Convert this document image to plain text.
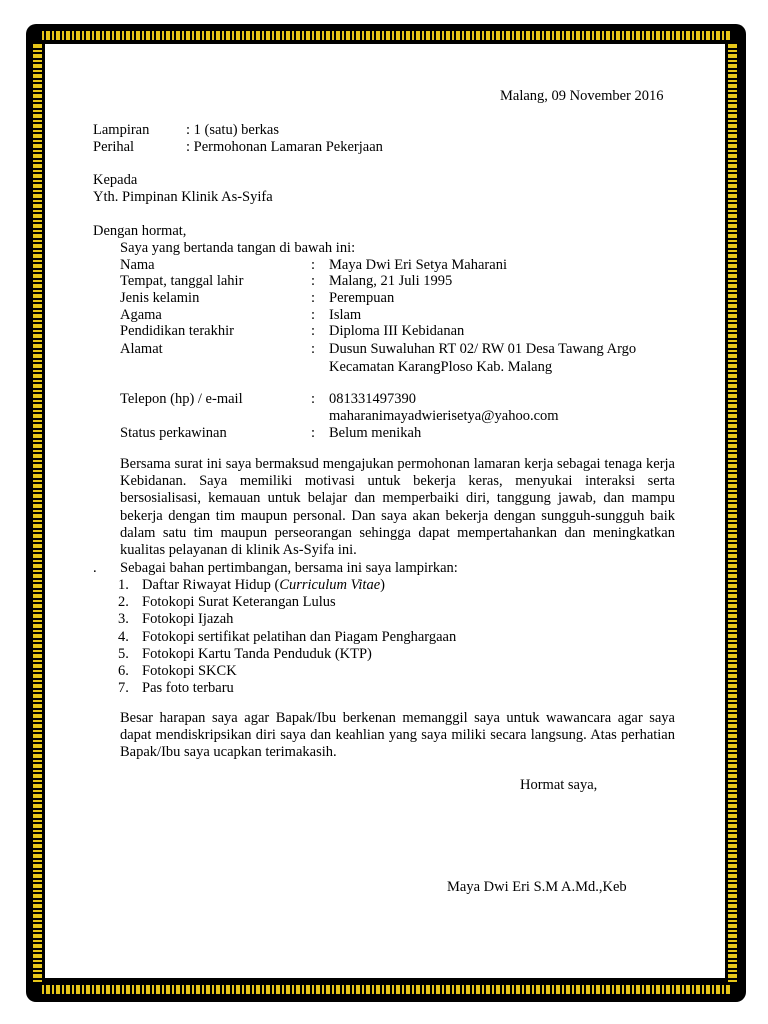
Malang, 09 November 2016
Lampiran	: 1 (satu) berkas
Perihal	: Permohonan Lamaran Pekerjaan
Kepada
Yth. Pimpinan Klinik As-Syifa
Dengan hormat,
Saya yang bertanda tangan di bawah ini:
Nama	: Maya Dwi Eri Setya Maharani
Tempat, tanggal lahir	: Malang, 21 Juli 1995
Jenis kelamin	: Perempuan
Agama	: Islam
Pendidikan terakhir	: Diploma III Kebidanan
Alamat	: Dusun Suwaluhan RT 02/ RW 01 Desa Tawang Argo
Kecamatan KarangPloso Kab. Malang
Telepon (hp) / e-mail	: 081331497390
maharanimayadwierisetya@yahoo.com
Status perkawinan	: Belum menikah

Bersama surat ini saya bermaksud mengajukan permohonan lamaran kerja sebagai tenaga kerja Kebidanan. Saya memiliki motivasi untuk bekerja keras, menyukai interaksi serta bersosialisasi, kemauan untuk belajar dan memperbaiki diri, tanggung jawab, dan mampu bekerja dengan tim maupun personal. Dan saya akan bekerja dengan sungguh-sungguh baik dalam satu tim maupun perseorangan sehingga dapat mempertahankan dan meningkatkan kualitas pelayanan di klinik As-Syifa ini.

. Sebagai bahan pertimbangan, bersama ini saya lampirkan:
1. Daftar Riwayat Hidup (Curriculum Vitae)
2. Fotokopi Surat Keterangan Lulus
3. Fotokopi Ijazah
4. Fotokopi sertifikat pelatihan dan Piagam Penghargaan
5. Fotokopi Kartu Tanda Penduduk (KTP)
6. Fotokopi SKCK
7. Pas foto terbaru

Besar harapan saya agar Bapak/Ibu berkenan memanggil saya untuk wawancara agar saya dapat mendiskripsikan diri saya dan keahlian yang saya miliki secara langsung. Atas perhatian Bapak/Ibu saya ucapkan terimakasih.

Hormat saya,
Maya Dwi Eri S.M A.Md.,Keb
